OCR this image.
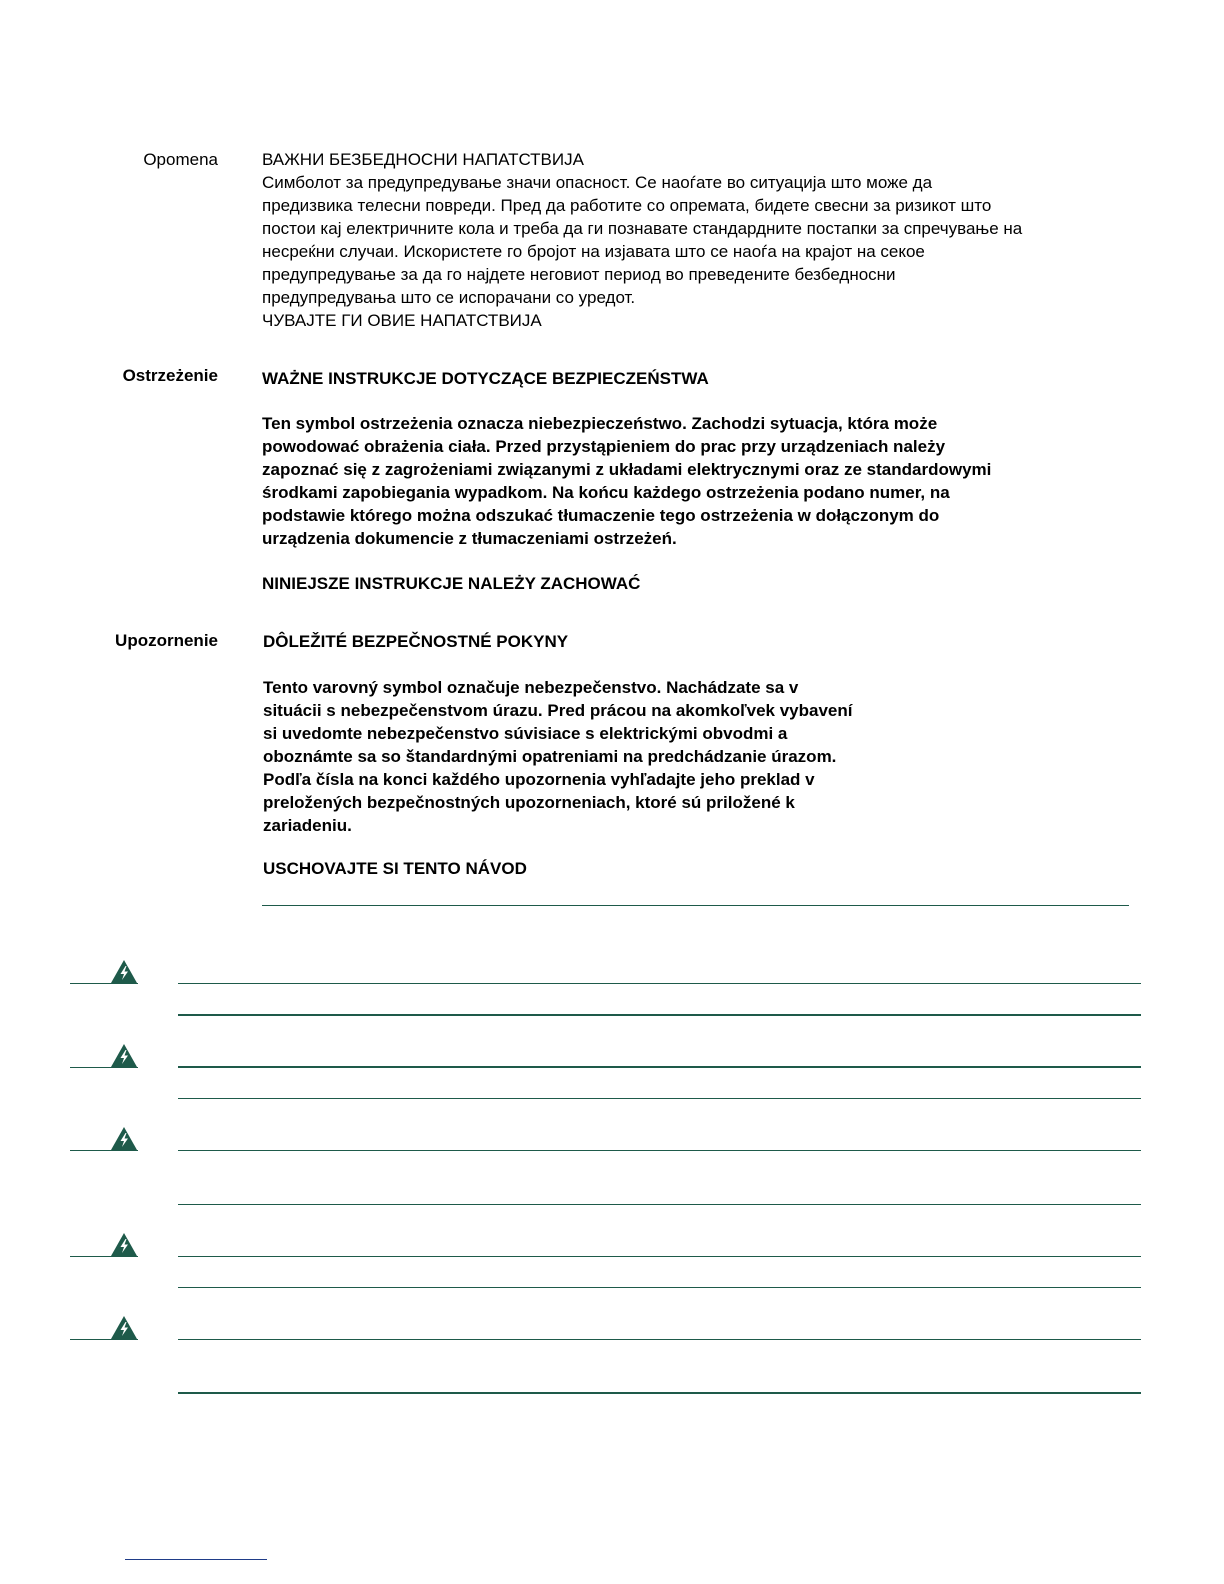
Opomena	ВАЖНИ БЕЗБЕДНОСНИ НАПАТСТВИЈА
Симболот за предупредување значи опасност. Се наоѓате во ситуација што може да
предизвика телесни повреди. Пред да работите со опремата, бидете свесни за ризикот што
постои кај електричните кола и треба да ги познавате стандардните постапки за спречување на
несреќни случаи. Искористете го бројот на изјавата што се наоѓа на крајот на секое
предупредување за да го најдете неговиот период во преведените безбедносни
предупредувања што се испорачани со уредот.
ЧУВАЈТЕ ГИ ОВИЕ НАПАТСТВИЈА
Ostrzeżenie	WAŻNE INSTRUKCJE DOTYCZĄCE BEZPIECZEŃSTWA
Ten symbol ostrzeżenia oznacza niebezpieczeństwo. Zachodzi sytuacja, która może
powodować obrażenia ciała. Przed przystąpieniem do prac przy urządzeniach należy
zapoznać się z zagrożeniami związanymi z układami elektrycznymi oraz ze standardowymi
środkami zapobiegania wypadkom. Na końcu każdego ostrzeżenia podano numer, na
podstawie którego można odszukać tłumaczenie tego ostrzeżenia w dołączonym do
urządzenia dokumencie z tłumaczeniami ostrzeżeń.
NINIEJSZE INSTRUKCJE NALEŻY ZACHOWAĆ
Upozornenie	DÔLEŽITÉ BEZPEČNOSTNÉ POKYNY
Tento varovný symbol označuje nebezpečenstvo. Nachádzate sa v
situácii s nebezpečenstvom úrazu. Pred prácou na akomkoľvek vybavení
si uvedomte nebezpečenstvo súvisiace s elektrickými obvodmi a
oboznámte sa so štandardnými opatreniami na predchádzanie úrazom.
Podľa čísla na konci každého upozornenia vyhľadajte jeho preklad v
preložených bezpečnostných upozorneniach, ktoré sú priložené k
zariadeniu.
USCHOVAJTE SI TENTO NÁVOD
